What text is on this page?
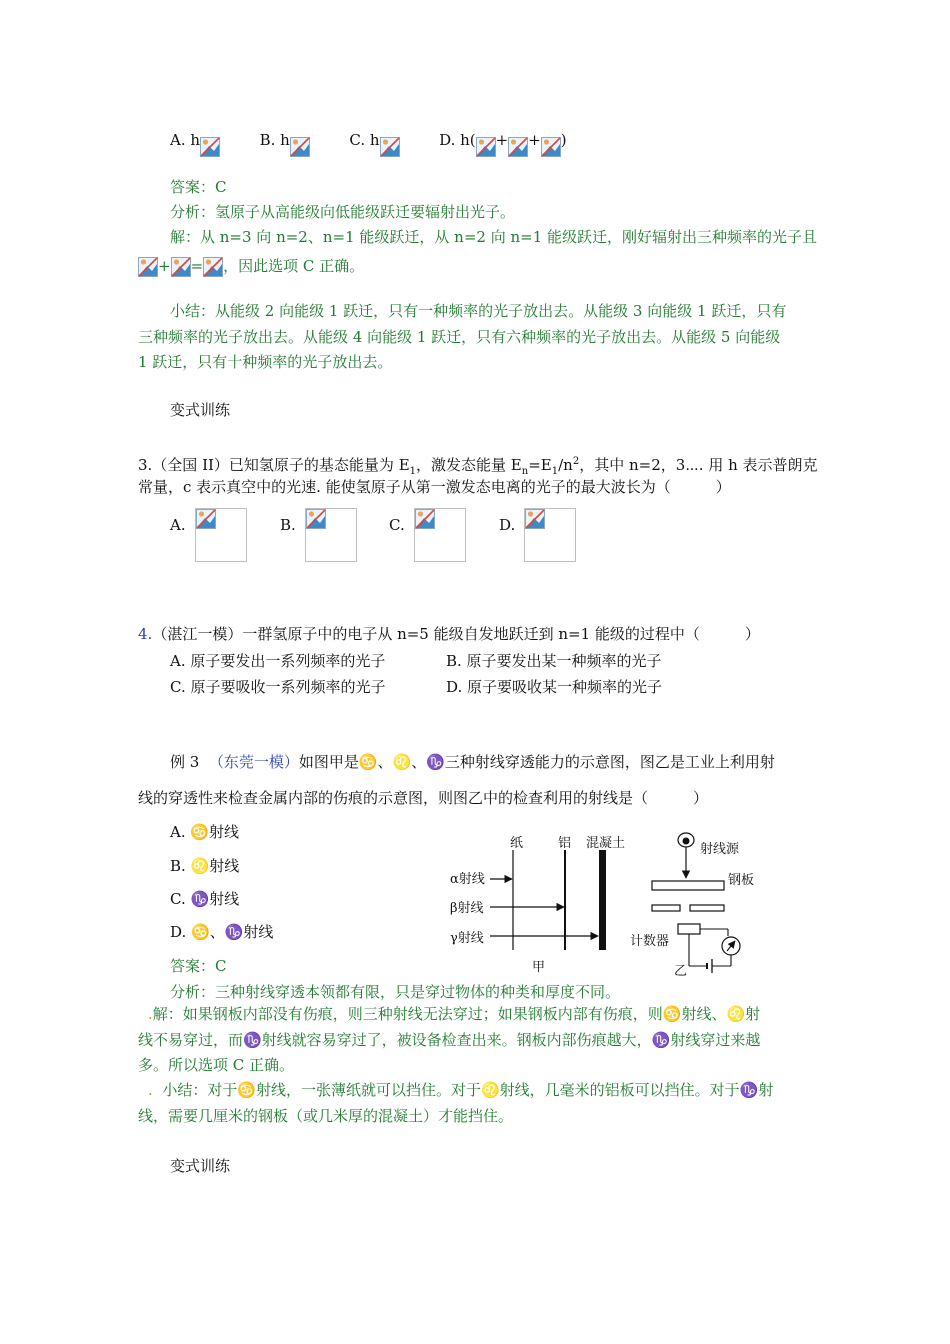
A. h	B. h	C. h	D. h( + + )
答案：C
分析：氢原子从高能级向低能级跃迁要辐射出光子。
解：从 n=3 向 n=2、n=1 能级跃迁，从 n=2 向 n=1 能级跃迁，刚好辐射出三种频率的光子且
+ = ，因此选项 C 正确。
小结：从能级 2 向能级 1 跃迁，只有一种频率的光子放出去。从能级 3 向能级 1 跃迁，只有
三种频率的光子放出去。从能级 4 向能级 1 跃迁，只有六种频率的光子放出去。从能级 5 向能级
1 跃迁，只有十种频率的光子放出去。
变式训练
3.（全国 II）已知氢原子的基态能量为 $E_1$，激发态能量 $E_n=E_1/n^2$，其中 n=2，3⋯. 用 h 表示普朗克
常量，c 表示真空中的光速. 能使氢原子从第一激发态电离的光子的最大波长为（　　　）
A.	B.	C.	D.
4.（湛江一模）一群氢原子中的电子从 n=5 能级自发地跃迁到 n=1 能级的过程中（　　　）
A. 原子要发出一系列频率的光子	B. 原子要发出某一种频率的光子
C. 原子要吸收一系列频率的光子	D. 原子要吸收某一种频率的光子
例 3 （东莞一模）如图甲是♋、♌、♑三种射线穿透能力的示意图，图乙是工业上利用射
线的穿透性来检查金属内部的伤痕的示意图，则图乙中的检查利用的射线是（　　　）
A. ♋射线
B. ♌射线
C. ♑射线
D. ♋、♑射线
答案：C
分析：三种射线穿透本领都有限，只是穿过物体的种类和厚度不同。
.解：如果钢板内部没有伤痕，则三种射线无法穿过；如果钢板内部有伤痕，则♋射线、♌射
线不易穿过，而♑射线就容易穿过了，被设备检查出来。钢板内部伤痕越大，♑射线穿过来越
多。所以选项 C 正确。
. 小结：对于♋射线，一张薄纸就可以挡住。对于♌射线，几毫米的铝板可以挡住。对于♑射
线，需要几厘米的钢板（或几米厚的混凝土）才能挡住。
变式训练
纸	铝 混凝土
α射线
β射线
γ射线
甲
射线源
钢板
计数器
乙
